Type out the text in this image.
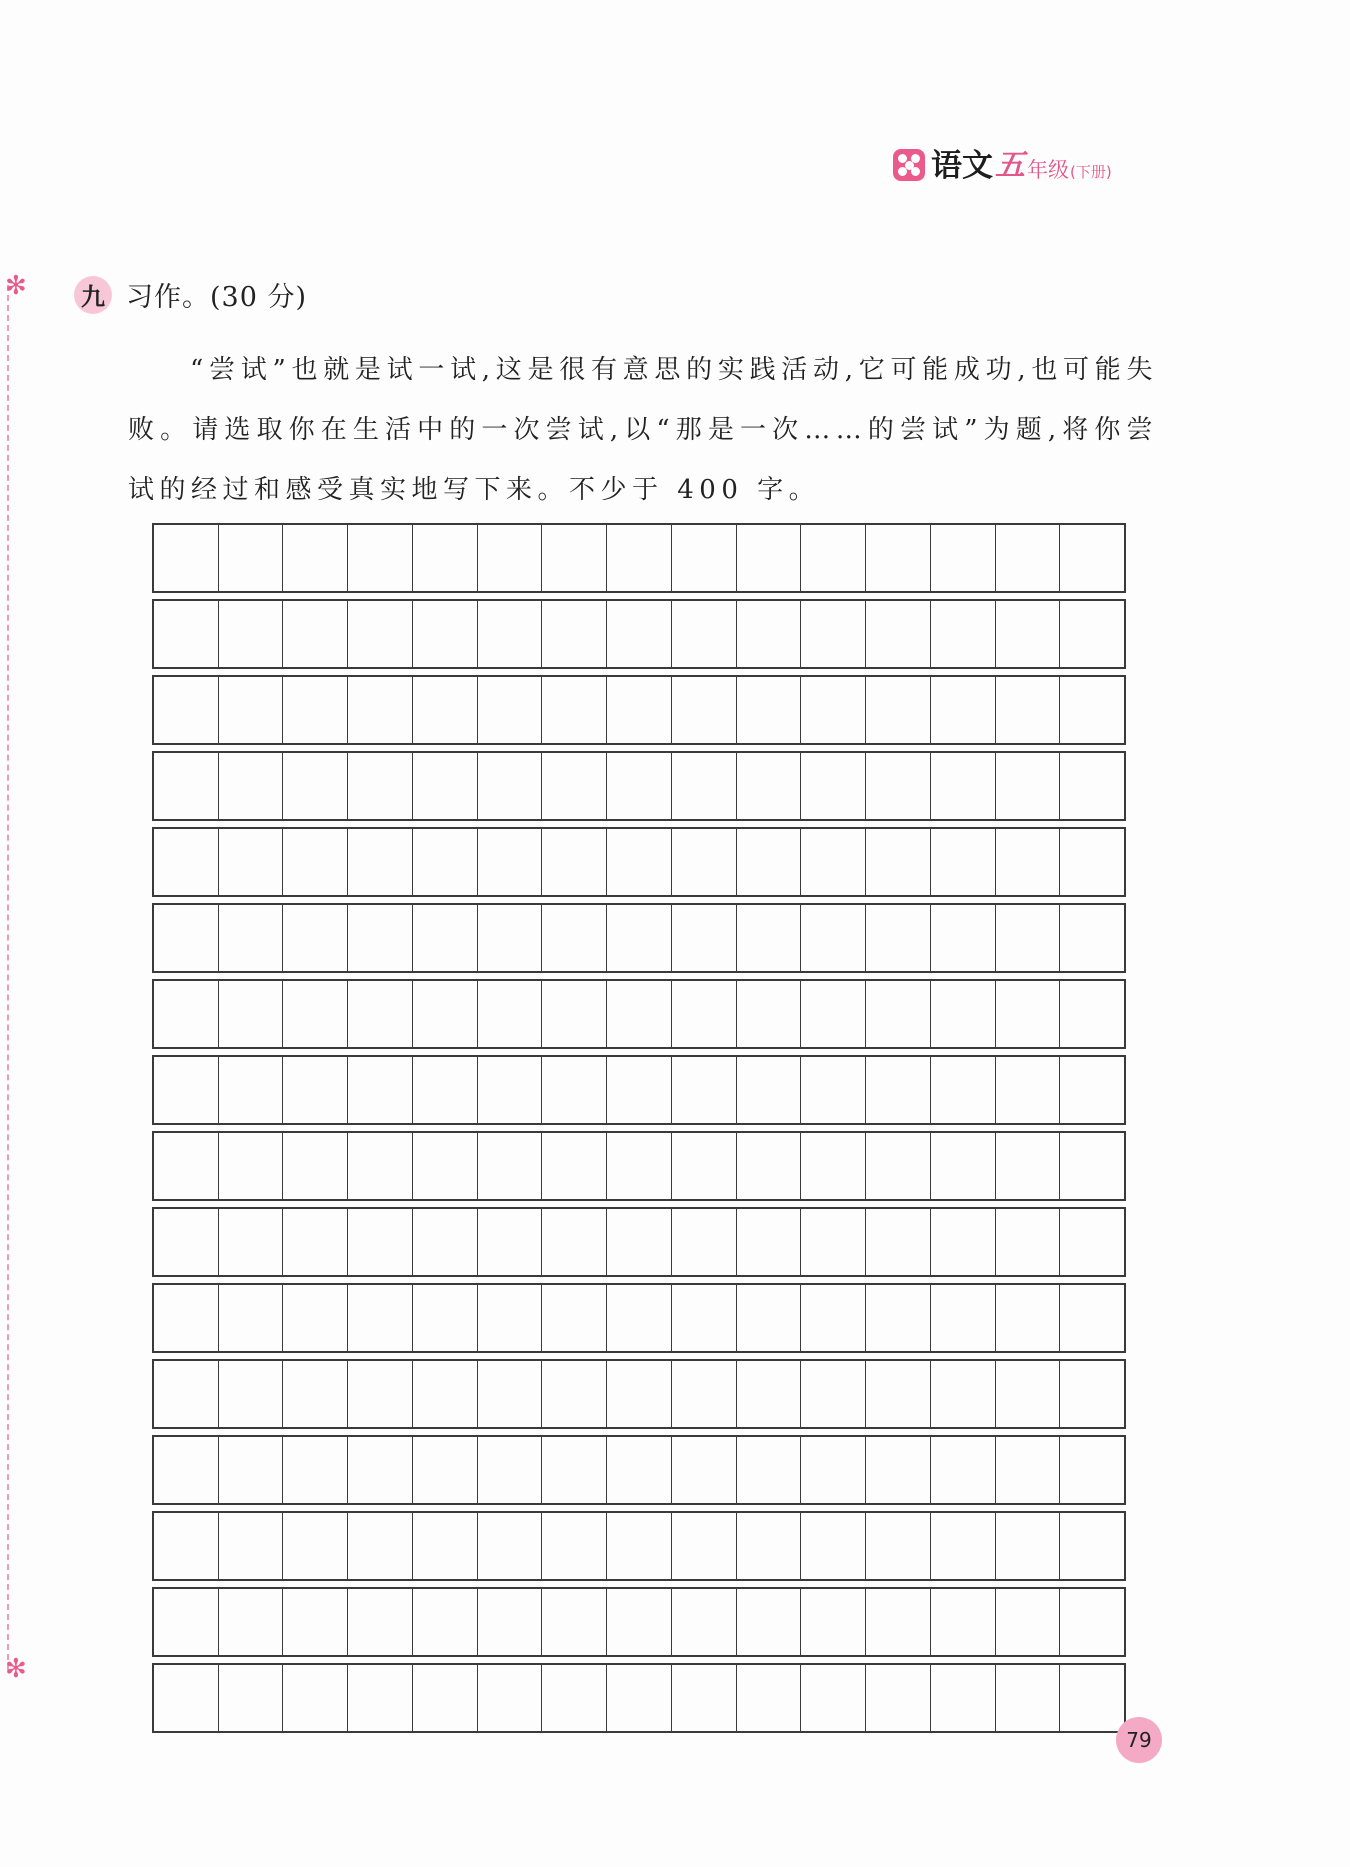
语文 五 年级 (下册)
✻
✻
九 习作。(30 分)
“尝试”也就是试一试,这是很有意思的实践活动,它可能成功,也可能失败。请选取你在生活中的一次尝试,以“那是一次……的尝试”为题,将你尝试的经过和感受真实地写下来。不少于 400 字。
79
